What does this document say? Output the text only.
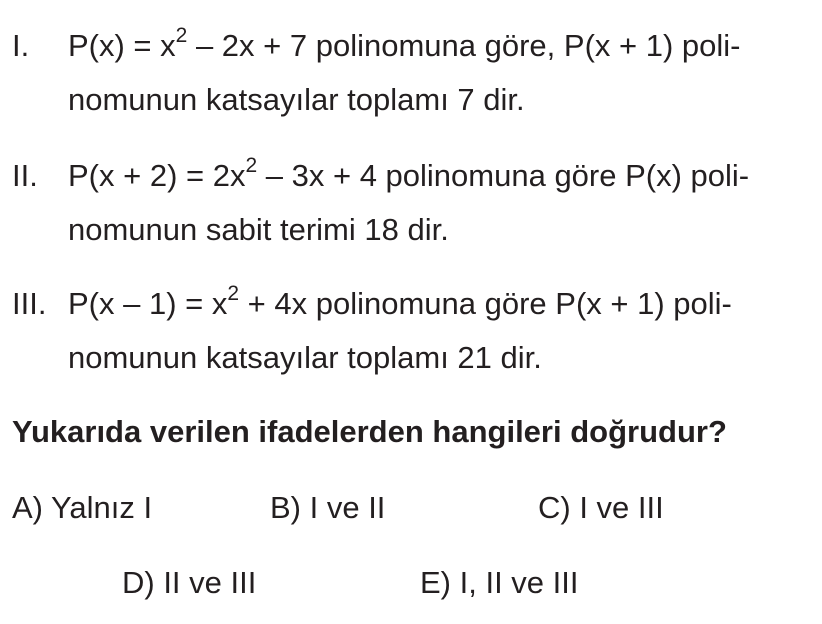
I. $P(x) = x^2 - 2x + 7$ polinomuna göre, P(x + 1) poli-
nomunun katsayılar toplamı 7 dir.
II. $P(x + 2) = 2x^2 - 3x + 4$ polinomuna göre P(x) poli-
nomunun sabit terimi 18 dir.
III. $P(x - 1) = x^2 + 4x$ polinomuna göre P(x + 1) poli-
nomunun katsayılar toplamı 21 dir.
Yukarıda verilen ifadelerden hangileri doğrudur?
A) Yalnız I	B) I ve II	C) I ve III
D) II ve III	E) I, II ve III
